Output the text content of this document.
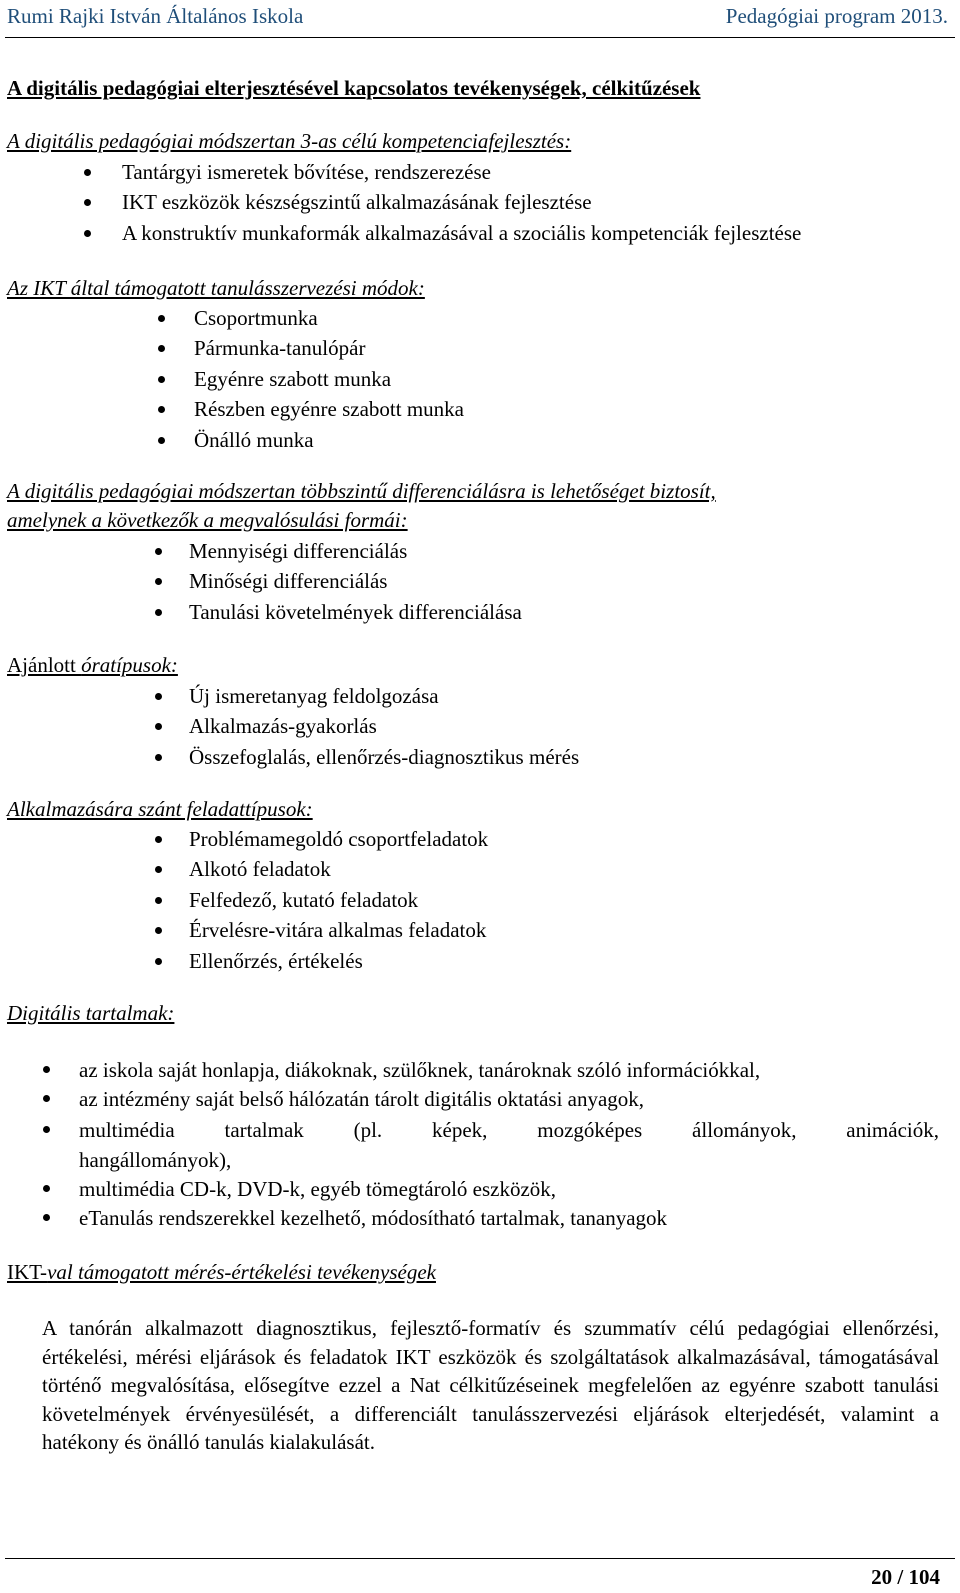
Rumi Rajki István Általános Iskola	Pedagógiai program 2013.
A digitális pedagógiai elterjesztésével kapcsolatos tevékenységek, célkitűzések
A digitális pedagógiai módszertan 3-as célú kompetenciafejlesztés:
Tantárgyi ismeretek bővítése, rendszerezése
IKT eszközök készségszintű alkalmazásának fejlesztése
A konstruktív munkaformák alkalmazásával a szociális kompetenciák fejlesztése
Az IKT által támogatott tanulásszervezési módok:
Csoportmunka
Pármunka-tanulópár
Egyénre szabott munka
Részben egyénre szabott munka
Önálló munka
A digitális pedagógiai módszertan többszintű differenciálásra is lehetőséget biztosít,
amelynek a következők a megvalósulási formái:
Mennyiségi differenciálás
Minőségi differenciálás
Tanulási követelmények differenciálása
Ajánlott óratípusok:
Új ismeretanyag feldolgozása
Alkalmazás-gyakorlás
Összefoglalás, ellenőrzés-diagnosztikus mérés
Alkalmazására szánt feladattípusok:
Problémamegoldó csoportfeladatok
Alkotó feladatok
Felfedező, kutató feladatok
Érvelésre-vitára alkalmas feladatok
Ellenőrzés, értékelés
Digitális tartalmak:
az iskola saját honlapja, diákoknak, szülőknek, tanároknak szóló információkkal,
az intézmény saját belső hálózatán tárolt digitális oktatási anyagok,
multimédia tartalmak (pl. képek, mozgóképes állományok, animációk,
hangállományok),
multimédia CD-k, DVD-k, egyéb tömegtároló eszközök,
eTanulás rendszerekkel kezelhető, módosítható tartalmak, tananyagok
IKT-val támogatott mérés-értékelési tevékenységek
A tanórán alkalmazott diagnosztikus, fejlesztő-formatív és szummatív célú pedagógiai ellenőrzési, értékelési, mérési eljárások és feladatok IKT eszközök és szolgáltatások alkalmazásával, támogatásával történő megvalósítása, elősegítve ezzel a Nat célkitűzéseinek megfelelően az egyénre szabott tanulási követelmények érvényesülését, a differenciált tanulásszervezési eljárások elterjedését, valamint a hatékony és önálló tanulás kialakulását.
20 / 104
